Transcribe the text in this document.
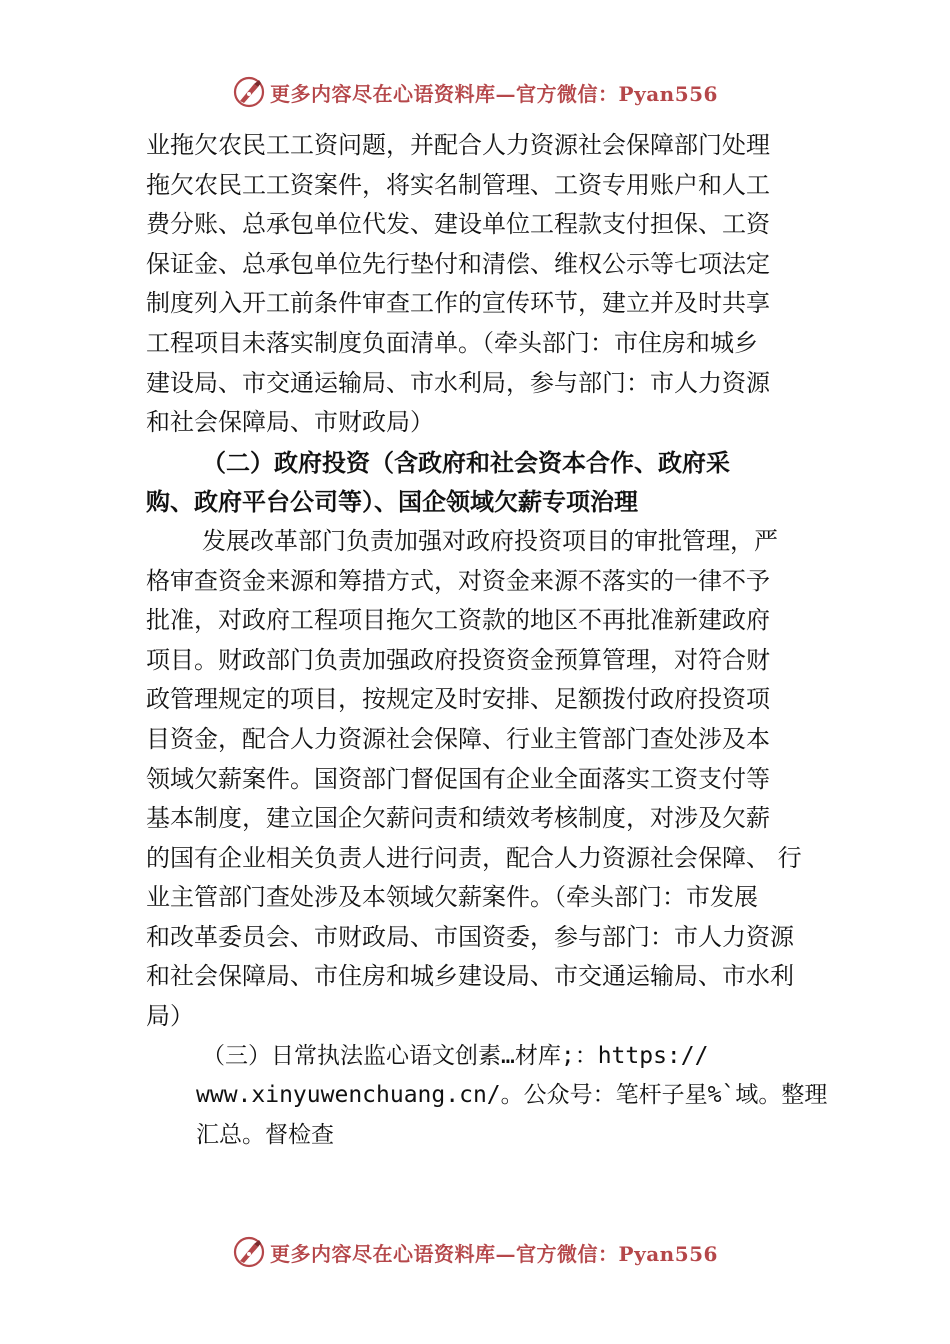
更多内容尽在心语资料库—官方微信：Pyan556
业拖欠农民工工资问题，并配合人力资源社会保障部门处理
拖欠农民工工资案件，将实名制管理、工资专用账户和人工
费分账、总承包单位代发、建设单位工程款支付担保、工资
保证金、总承包单位先行垫付和清偿、维权公示等七项法定
制度列入开工前条件审查工作的宣传环节，建立并及时共享
工程项目未落实制度负面清单。（牵头部门：市住房和城乡
建设局、市交通运输局、市水利局，参与部门：市人力资源
和社会保障局、市财政局）
（二）政府投资（含政府和社会资本合作、政府采
购、政府平台公司等）、国企领域欠薪专项治理
发展改革部门负责加强对政府投资项目的审批管理，严
格审查资金来源和筹措方式，对资金来源不落实的一律不予
批准，对政府工程项目拖欠工资款的地区不再批准新建政府
项目。财政部门负责加强政府投资资金预算管理，对符合财
政管理规定的项目，按规定及时安排、足额拨付政府投资项
目资金，配合人力资源社会保障、行业主管部门查处涉及本
领域欠薪案件。国资部门督促国有企业全面落实工资支付等
基本制度，建立国企欠薪问责和绩效考核制度，对涉及欠薪
的国有企业相关负责人进行问责，配合人力资源社会保障、 行
业主管部门查处涉及本领域欠薪案件。（牵头部门：市发展
和改革委员会、市财政局、市国资委，参与部门：市人力资源
和社会保障局、市住房和城乡建设局、市交通运输局、市水利
局）
（三）日常执法监心语文创素…材库;：https://
www.xinyuwenchuang.cn/。公众号：笔杆子星%`域。整理
汇总。督检查
更多内容尽在心语资料库—官方微信：Pyan556
